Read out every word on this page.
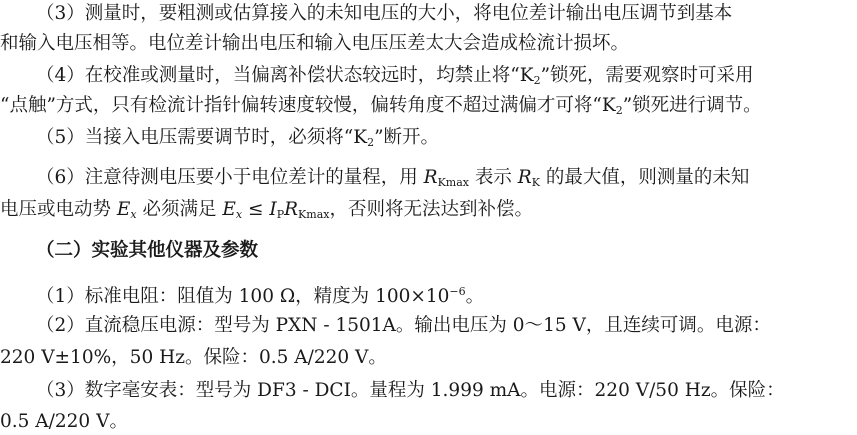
（3）测量时，要粗测或估算接入的未知电压的大小，将电位差计输出电压调节到基本
和输入电压相等。电位差计输出电压和输入电压压差太大会造成检流计损坏。
（4）在校准或测量时，当偏离补偿状态较远时，均禁止将“$K_2$”锁死，需要观察时可采用
“点触”方式，只有检流计指针偏转速度较慢，偏转角度不超过满偏才可将“$K_2$”锁死进行调节。
（5）当接入电压需要调节时，必须将“$K_2$”断开。
（6）注意待测电压要小于电位差计的量程，用 $R_{Kmax}$ 表示 $R_K$ 的最大值，则测量的未知
电压或电动势 $E_x$ 必须满足 $E_x \le I_PR_{Kmax}$，否则将无法达到补偿。
（二）实验其他仪器及参数
（1）标准电阻：阻值为 100 Ω，精度为 $100\times 10^{-6}$。
（2）直流稳压电源：型号为 PXN - 1501A。输出电压为 0～15 V，且连续可调。电源：
220 V±10%，50 Hz。保险：0.5 A/220 V。
（3）数字毫安表：型号为 DF3 - DCI。量程为 1.999 mA。电源：220 V/50 Hz。保险：
0.5 A/220 V。
